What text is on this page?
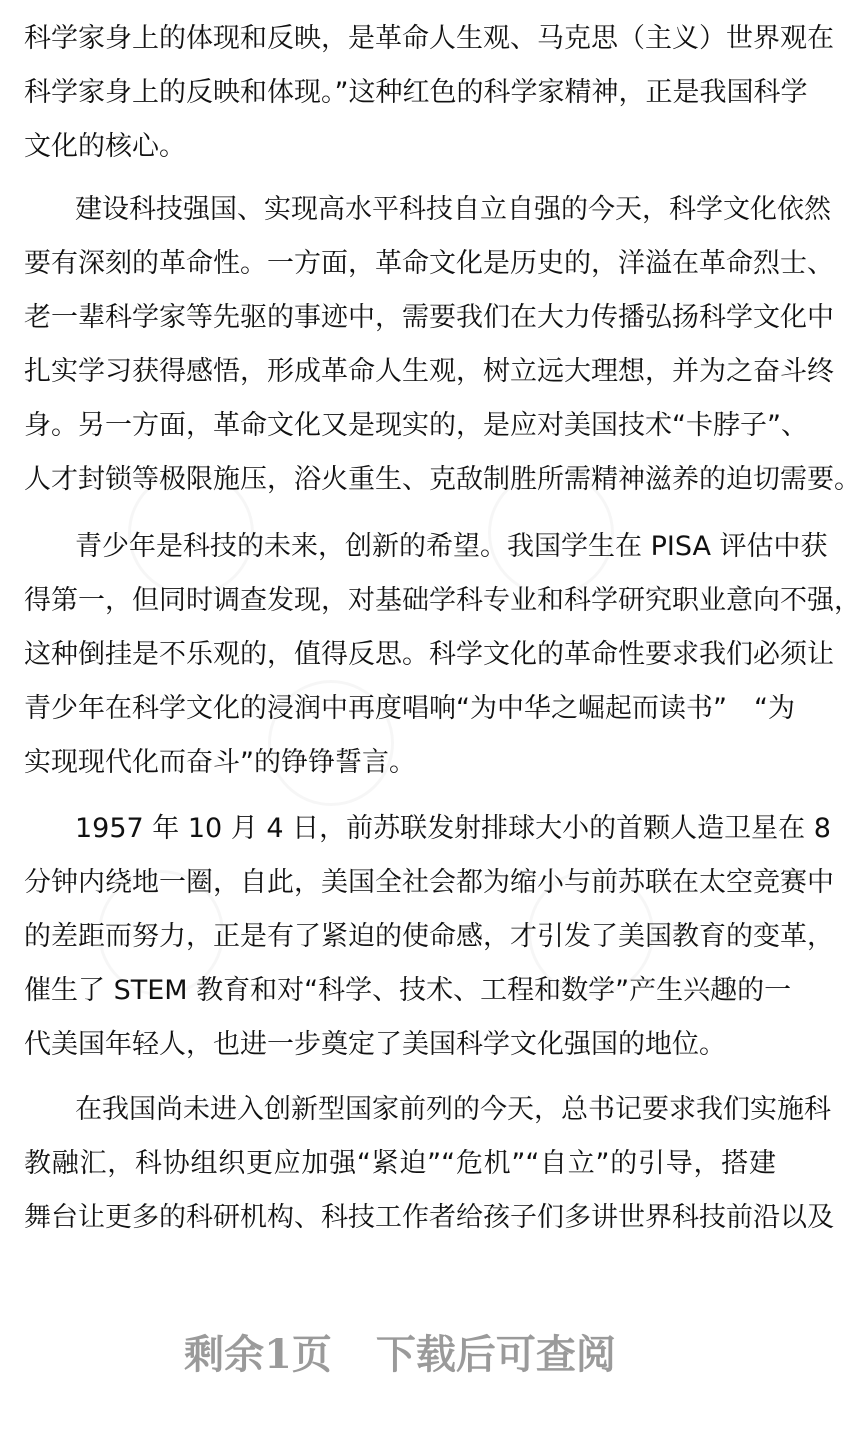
科学家身上的体现和反映，是革命人生观、马克思（主义）世界观在
科学家身上的反映和体现。”这种红色的科学家精神，正是我国科学
文化的核心。
建设科技强国、实现高水平科技自立自强的今天，科学文化依然
要有深刻的革命性。一方面，革命文化是历史的，洋溢在革命烈士、
老一辈科学家等先驱的事迹中，需要我们在大力传播弘扬科学文化中
扎实学习获得感悟，形成革命人生观，树立远大理想，并为之奋斗终
身。另一方面，革命文化又是现实的，是应对美国技术“卡脖子”、
人才封锁等极限施压，浴火重生、克敌制胜所需精神滋养的迫切需要。
青少年是科技的未来，创新的希望。我国学生在 PISA 评估中获
得第一，但同时调查发现，对基础学科专业和科学研究职业意向不强，
这种倒挂是不乐观的，值得反思。科学文化的革命性要求我们必须让
青少年在科学文化的浸润中再度唱响“为中华之崛起而读书”　“为
实现现代化而奋斗”的铮铮誓言。
1957 年 10 月 4 日，前苏联发射排球大小的首颗人造卫星在 8
分钟内绕地一圈，自此，美国全社会都为缩小与前苏联在太空竞赛中
的差距而努力，正是有了紧迫的使命感，才引发了美国教育的变革，
催生了 STEM 教育和对“科学、技术、工程和数学”产生兴趣的一
代美国年轻人，也进一步奠定了美国科学文化强国的地位。
在我国尚未进入创新型国家前列的今天，总书记要求我们实施科
教融汇，科协组织更应加强“紧迫”“危机”“自立”的引导，搭建
舞台让更多的科研机构、科技工作者给孩子们多讲世界科技前沿以及
剩余1页 下载后可查阅
